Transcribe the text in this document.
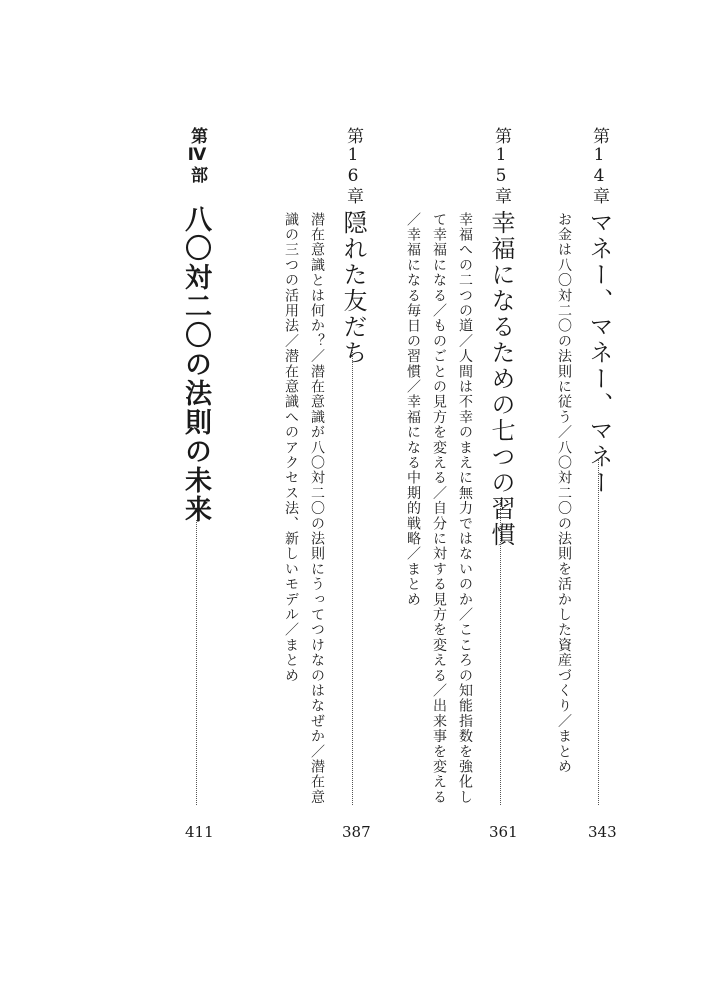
第14章
マネー、マネー、マネー
お金は八〇対二〇の法則に従う／八〇対二〇の法則を活かした資産づくり／まとめ
343
第15章
幸福になるための七つの習慣
幸福への二つの道／人間は不幸のまえに無力ではないのか／こころの知能指数を強化し
て幸福になる／ものごとの見方を変える／自分に対する見方を変える／出来事を変える
／幸福になる毎日の習慣／幸福になる中期的戦略／まとめ
361
第16章
隠れた友だち
潜在意識とは何か？／潜在意識が八〇対二〇の法則にうってつけなのはなぜか／潜在意
識の三つの活用法／潜在意識へのアクセス法、新しいモデル／まとめ
387
第Ⅳ部
八〇対二〇の法則の未来
411
